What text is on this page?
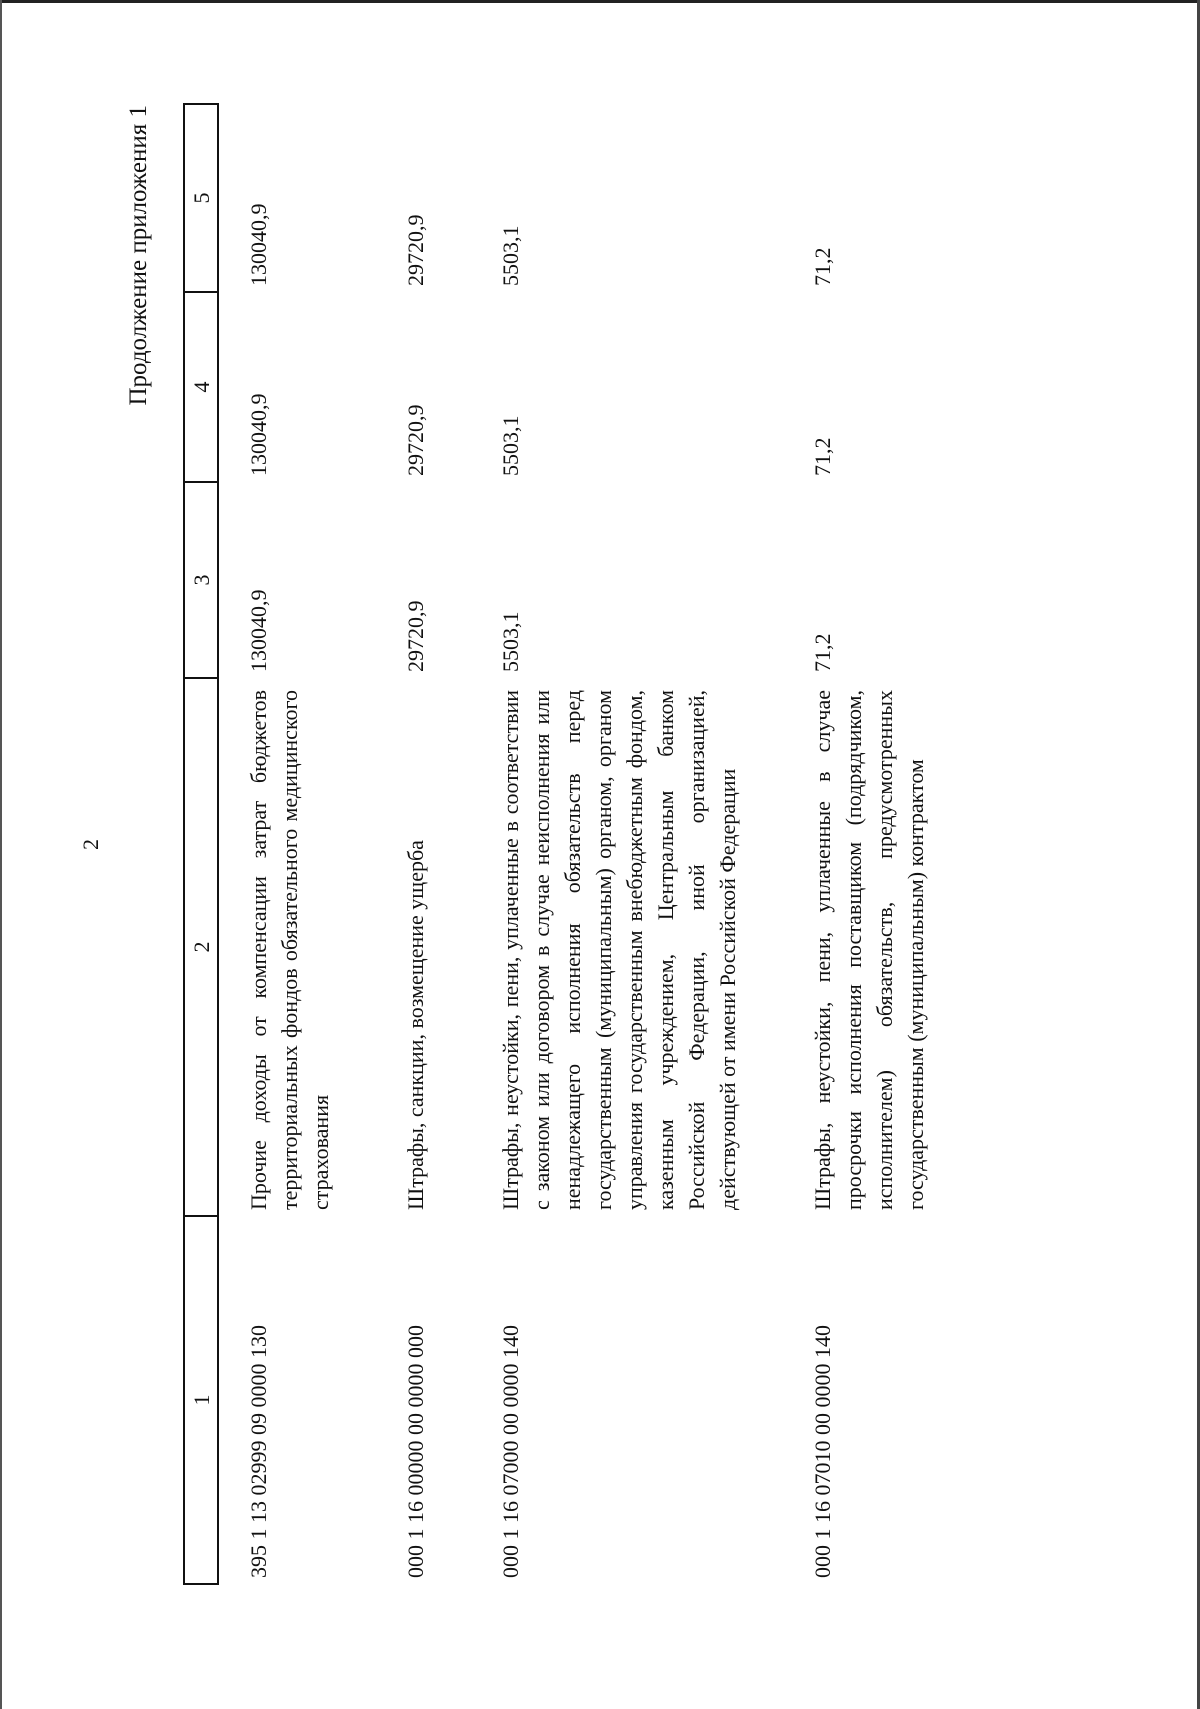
2
Продолжение приложения 1
1	2	3	4	5
395 1 13 02999 09 0000 130	Прочие доходы от компенсации затрат бюджетов территориальных фондов обязательного медицинского страхования	130040,9	130040,9	130040,9
000 1 16 00000 00 0000 000	Штрафы, санкции, возмещение ущерба	29720,9	29720,9	29720,9
000 1 16 07000 00 0000 140	Штрафы, неустойки, пени, уплаченные в соответствии с законом или договором в случае неисполнения или ненадлежащего исполнения обязательств перед государственным (муниципальным) органом, органом управления государственным внебюджетным фондом, казенным учреждением, Центральным банком Российской Федерации, иной организацией, действующей от имени Российской Федерации	5503,1	5503,1	5503,1
000 1 16 07010 00 0000 140	Штрафы, неустойки, пени, уплаченные в случае просрочки исполнения поставщиком (подрядчиком, исполнителем) обязательств, предусмотренных государственным (муниципальным) контрактом	71,2	71,2	71,2
